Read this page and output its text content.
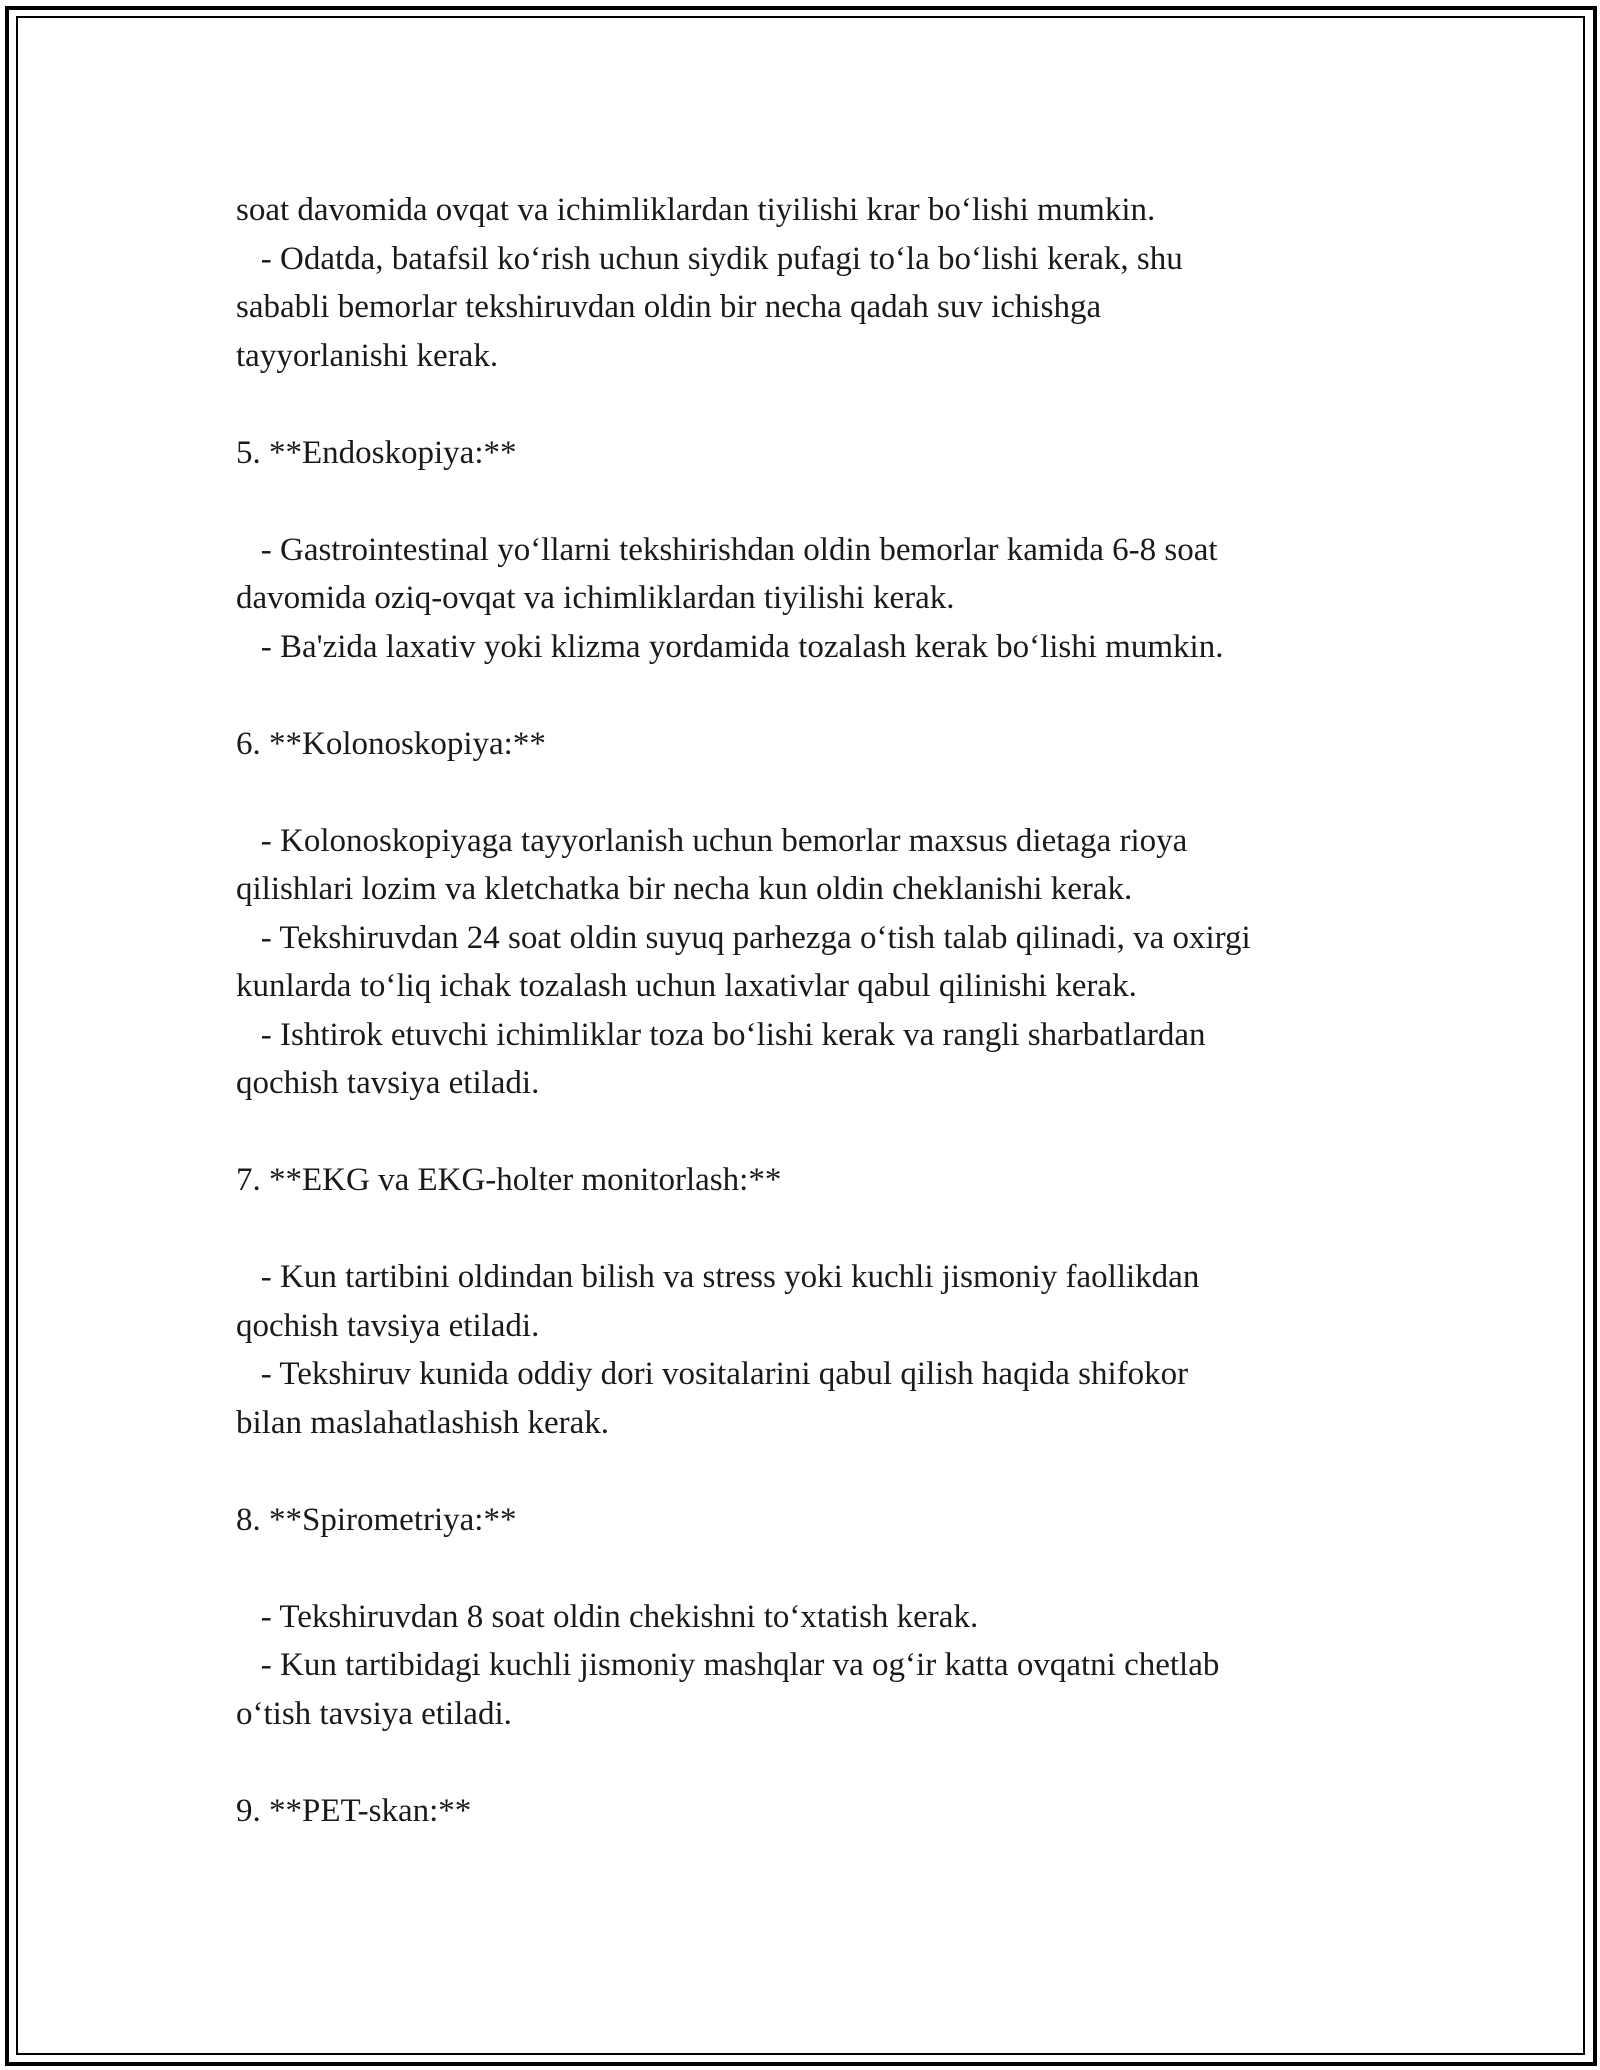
soat davomida ovqat va ichimliklardan tiyilishi krar bo‘lishi mumkin.
- Odatda, batafsil ko‘rish uchun siydik pufagi to‘la bo‘lishi kerak, shu
sababli bemorlar tekshiruvdan oldin bir necha qadah suv ichishga
tayyorlanishi kerak.
5. **Endoskopiya:**
- Gastrointestinal yo‘llarni tekshirishdan oldin bemorlar kamida 6-8 soat
davomida oziq-ovqat va ichimliklardan tiyilishi kerak.
- Ba'zida laxativ yoki klizma yordamida tozalash kerak bo‘lishi mumkin.
6. **Kolonoskopiya:**
- Kolonoskopiyaga tayyorlanish uchun bemorlar maxsus dietaga rioya
qilishlari lozim va kletchatka bir necha kun oldin cheklanishi kerak.
- Tekshiruvdan 24 soat oldin suyuq parhezga o‘tish talab qilinadi, va oxirgi
kunlarda to‘liq ichak tozalash uchun laxativlar qabul qilinishi kerak.
- Ishtirok etuvchi ichimliklar toza bo‘lishi kerak va rangli sharbatlardan
qochish tavsiya etiladi.
7. **EKG va EKG-holter monitorlash:**
- Kun tartibini oldindan bilish va stress yoki kuchli jismoniy faollikdan
qochish tavsiya etiladi.
- Tekshiruv kunida oddiy dori vositalarini qabul qilish haqida shifokor
bilan maslahatlashish kerak.
8. **Spirometriya:**
- Tekshiruvdan 8 soat oldin chekishni to‘xtatish kerak.
- Kun tartibidagi kuchli jismoniy mashqlar va og‘ir katta ovqatni chetlab
o‘tish tavsiya etiladi.
9. **PET-skan:**
